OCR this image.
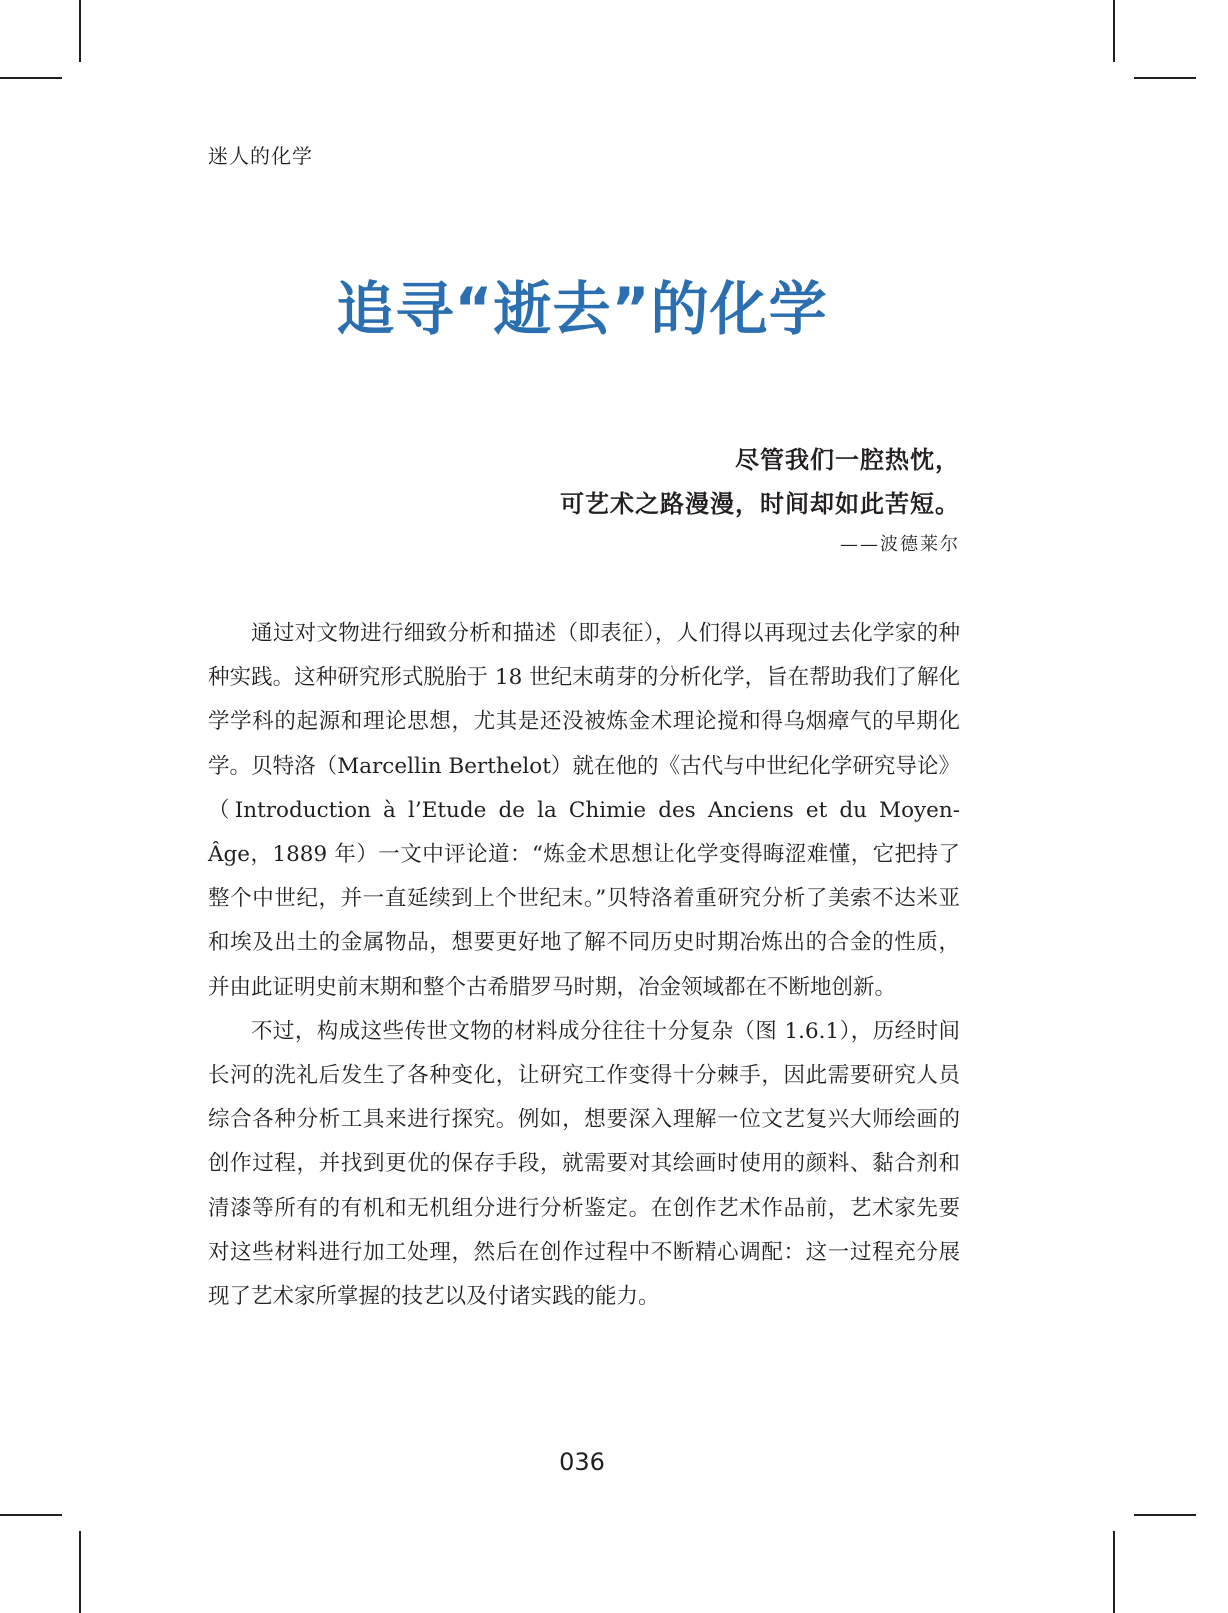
迷人的化学
追寻“逝去”的化学
尽管我们一腔热忱，
可艺术之路漫漫，时间却如此苦短。
——波德莱尔

通过对文物进行细致分析和描述（即表征），人们得以再现过去化学家的种种实践。这种研究形式脱胎于 18 世纪末萌芽的分析化学，旨在帮助我们了解化学学科的起源和理论思想，尤其是还没被炼金术理论搅和得乌烟瘴气的早期化学。贝特洛（Marcellin Berthelot）就在他的《古代与中世纪化学研究导论》（Introduction à l’Etude de la Chimie des Anciens et du Moyen-Âge，1889 年）一文中评论道：“炼金术思想让化学变得晦涩难懂，它把持了整个中世纪，并一直延续到上个世纪末。”贝特洛着重研究分析了美索不达米亚和埃及出土的金属物品，想要更好地了解不同历史时期冶炼出的合金的性质，并由此证明史前末期和整个古希腊罗马时期，冶金领域都在不断地创新。

不过，构成这些传世文物的材料成分往往十分复杂（图 1.6.1），历经时间长河的洗礼后发生了各种变化，让研究工作变得十分棘手，因此需要研究人员综合各种分析工具来进行探究。例如，想要深入理解一位文艺复兴大师绘画的创作过程，并找到更优的保存手段，就需要对其绘画时使用的颜料、黏合剂和清漆等所有的有机和无机组分进行分析鉴定。在创作艺术作品前，艺术家先要对这些材料进行加工处理，然后在创作过程中不断精心调配：这一过程充分展现了艺术家所掌握的技艺以及付诸实践的能力。

036
